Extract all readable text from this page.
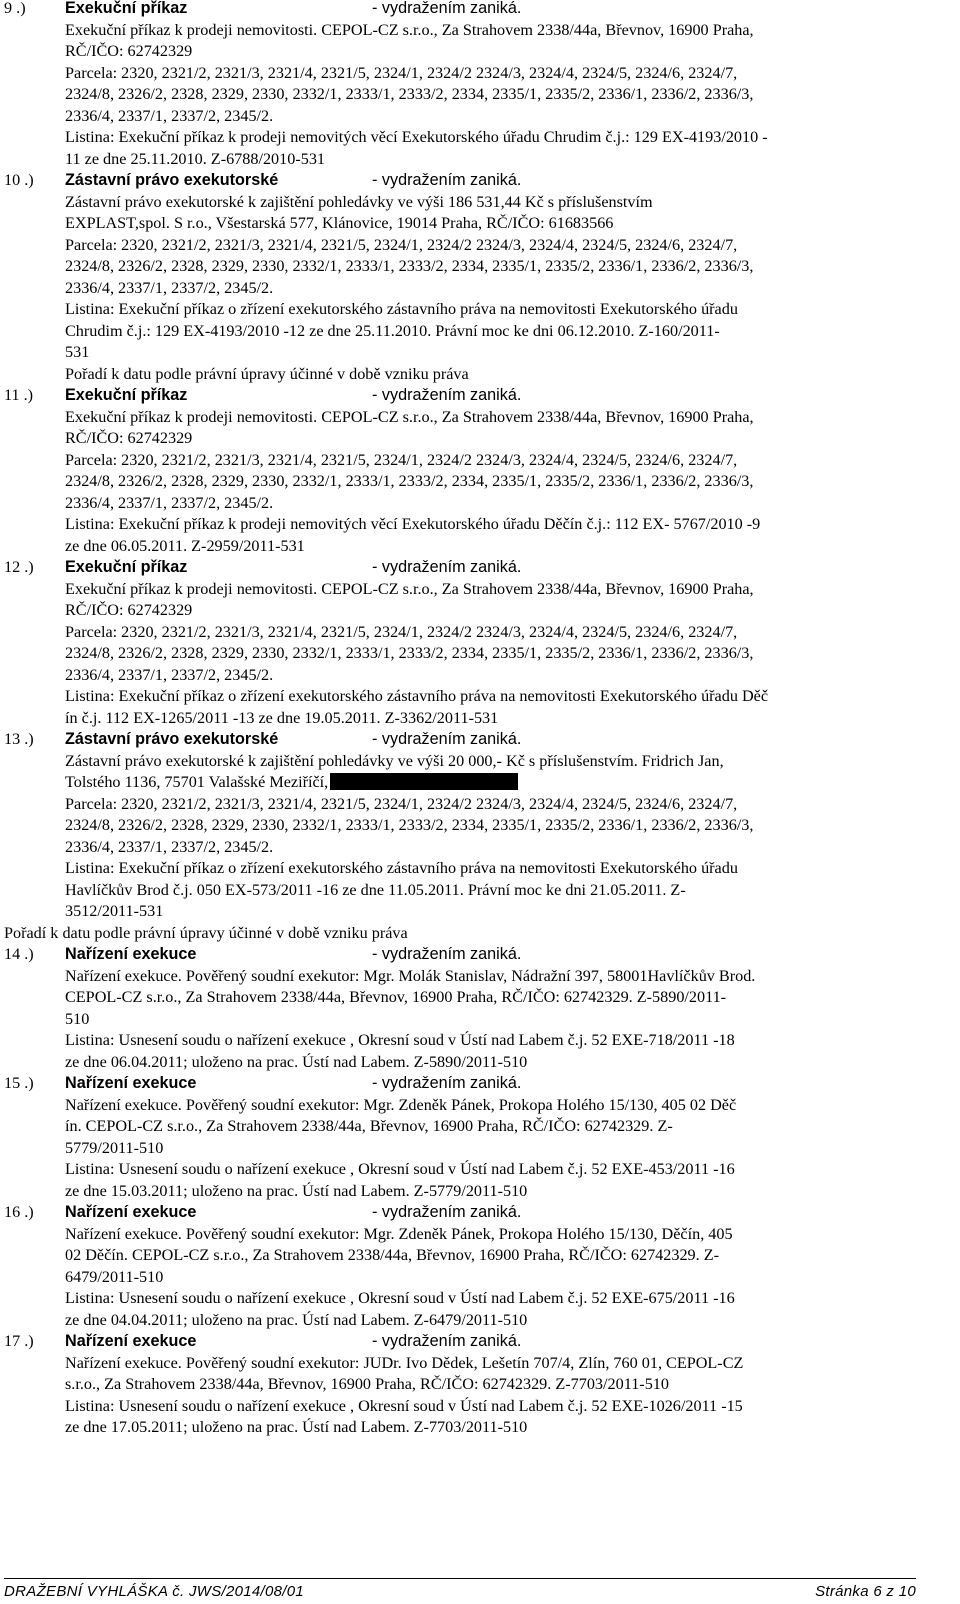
9 .) Exekuční příkaz	- vydražením zaniká.
Exekuční příkaz k prodeji nemovitosti. CEPOL-CZ s.r.o., Za Strahovem 2338/44a, Břevnov, 16900 Praha,
RČ/IČO: 62742329
Parcela: 2320, 2321/2, 2321/3, 2321/4, 2321/5, 2324/1, 2324/2 2324/3, 2324/4, 2324/5, 2324/6, 2324/7,
2324/8, 2326/2, 2328, 2329, 2330, 2332/1, 2333/1, 2333/2, 2334, 2335/1, 2335/2, 2336/1, 2336/2, 2336/3,
2336/4, 2337/1, 2337/2, 2345/2.
Listina: Exekuční příkaz k prodeji nemovitých věcí Exekutorského úřadu Chrudim č.j.: 129 EX-4193/2010 -
11 ze dne 25.11.2010. Z-6788/2010-531
10 .) Zástavní právo exekutorské	- vydražením zaniká.
Zástavní právo exekutorské k zajištění pohledávky ve výši 186 531,44 Kč s příslušenstvím
EXPLAST,spol. S r.o., Všestarská 577, Klánovice, 19014 Praha, RČ/IČO: 61683566
Parcela: 2320, 2321/2, 2321/3, 2321/4, 2321/5, 2324/1, 2324/2 2324/3, 2324/4, 2324/5, 2324/6, 2324/7,
2324/8, 2326/2, 2328, 2329, 2330, 2332/1, 2333/1, 2333/2, 2334, 2335/1, 2335/2, 2336/1, 2336/2, 2336/3,
2336/4, 2337/1, 2337/2, 2345/2.
Listina: Exekuční příkaz o zřízení exekutorského zástavního práva na nemovitosti Exekutorského úřadu
Chrudim č.j.: 129 EX-4193/2010 -12 ze dne 25.11.2010. Právní moc ke dni 06.12.2010. Z-160/2011-
531
Pořadí k datu podle právní úpravy účinné v době vzniku práva
11 .) Exekuční příkaz	- vydražením zaniká.
Exekuční příkaz k prodeji nemovitosti. CEPOL-CZ s.r.o., Za Strahovem 2338/44a, Břevnov, 16900 Praha,
RČ/IČO: 62742329
Parcela: 2320, 2321/2, 2321/3, 2321/4, 2321/5, 2324/1, 2324/2 2324/3, 2324/4, 2324/5, 2324/6, 2324/7,
2324/8, 2326/2, 2328, 2329, 2330, 2332/1, 2333/1, 2333/2, 2334, 2335/1, 2335/2, 2336/1, 2336/2, 2336/3,
2336/4, 2337/1, 2337/2, 2345/2.
Listina: Exekuční příkaz k prodeji nemovitých věcí Exekutorského úřadu Děčín č.j.: 112 EX- 5767/2010 -9
ze dne 06.05.2011. Z-2959/2011-531
12 .) Exekuční příkaz	- vydražením zaniká.
Exekuční příkaz k prodeji nemovitosti. CEPOL-CZ s.r.o., Za Strahovem 2338/44a, Břevnov, 16900 Praha,
RČ/IČO: 62742329
Parcela: 2320, 2321/2, 2321/3, 2321/4, 2321/5, 2324/1, 2324/2 2324/3, 2324/4, 2324/5, 2324/6, 2324/7,
2324/8, 2326/2, 2328, 2329, 2330, 2332/1, 2333/1, 2333/2, 2334, 2335/1, 2335/2, 2336/1, 2336/2, 2336/3,
2336/4, 2337/1, 2337/2, 2345/2.
Listina: Exekuční příkaz o zřízení exekutorského zástavního práva na nemovitosti Exekutorského úřadu Děč
ín č.j. 112 EX-1265/2011 -13 ze dne 19.05.2011. Z-3362/2011-531
13 .) Zástavní právo exekutorské	- vydražením zaniká.
Zástavní právo exekutorské k zajištění pohledávky ve výši 20 000,- Kč s příslušenstvím. Fridrich Jan,
Tolstého 1136, 75701 Valašské Meziříčí,
Parcela: 2320, 2321/2, 2321/3, 2321/4, 2321/5, 2324/1, 2324/2 2324/3, 2324/4, 2324/5, 2324/6, 2324/7,
2324/8, 2326/2, 2328, 2329, 2330, 2332/1, 2333/1, 2333/2, 2334, 2335/1, 2335/2, 2336/1, 2336/2, 2336/3,
2336/4, 2337/1, 2337/2, 2345/2.
Listina: Exekuční příkaz o zřízení exekutorského zástavního práva na nemovitosti Exekutorského úřadu
Havlíčkův Brod č.j. 050 EX-573/2011 -16 ze dne 11.05.2011. Právní moc ke dni 21.05.2011. Z-
3512/2011-531
Pořadí k datu podle právní úpravy účinné v době vzniku práva
14 .) Nařízení exekuce	- vydražením zaniká.
Nařízení exekuce. Pověřený soudní exekutor: Mgr. Molák Stanislav, Nádražní 397, 58001Havlíčkův Brod.
CEPOL-CZ s.r.o., Za Strahovem 2338/44a, Břevnov, 16900 Praha, RČ/IČO: 62742329. Z-5890/2011-
510
Listina: Usnesení soudu o nařízení exekuce , Okresní soud v Ústí nad Labem č.j. 52 EXE-718/2011 -18
ze dne 06.04.2011; uloženo na prac. Ústí nad Labem. Z-5890/2011-510
15 .) Nařízení exekuce	- vydražením zaniká.
Nařízení exekuce. Pověřený soudní exekutor: Mgr. Zdeněk Pánek, Prokopa Holého 15/130, 405 02 Děč
ín. CEPOL-CZ s.r.o., Za Strahovem 2338/44a, Břevnov, 16900 Praha, RČ/IČO: 62742329. Z-
5779/2011-510
Listina: Usnesení soudu o nařízení exekuce , Okresní soud v Ústí nad Labem č.j. 52 EXE-453/2011 -16
ze dne 15.03.2011; uloženo na prac. Ústí nad Labem. Z-5779/2011-510
16 .) Nařízení exekuce	- vydražením zaniká.
Nařízení exekuce. Pověřený soudní exekutor: Mgr. Zdeněk Pánek, Prokopa Holého 15/130, Děčín, 405
02 Děčín. CEPOL-CZ s.r.o., Za Strahovem 2338/44a, Břevnov, 16900 Praha, RČ/IČO: 62742329. Z-
6479/2011-510
Listina: Usnesení soudu o nařízení exekuce , Okresní soud v Ústí nad Labem č.j. 52 EXE-675/2011 -16
ze dne 04.04.2011; uloženo na prac. Ústí nad Labem. Z-6479/2011-510
17 .) Nařízení exekuce	- vydražením zaniká.
Nařízení exekuce. Pověřený soudní exekutor: JUDr. Ivo Dědek, Lešetín 707/4, Zlín, 760 01, CEPOL-CZ
s.r.o., Za Strahovem 2338/44a, Břevnov, 16900 Praha, RČ/IČO: 62742329. Z-7703/2011-510
Listina: Usnesení soudu o nařízení exekuce , Okresní soud v Ústí nad Labem č.j. 52 EXE-1026/2011 -15
ze dne 17.05.2011; uloženo na prac. Ústí nad Labem. Z-7703/2011-510
DRAŽEBNÍ VYHLÁŠKA č. JWS/2014/08/01	Stránka 6 z 10
